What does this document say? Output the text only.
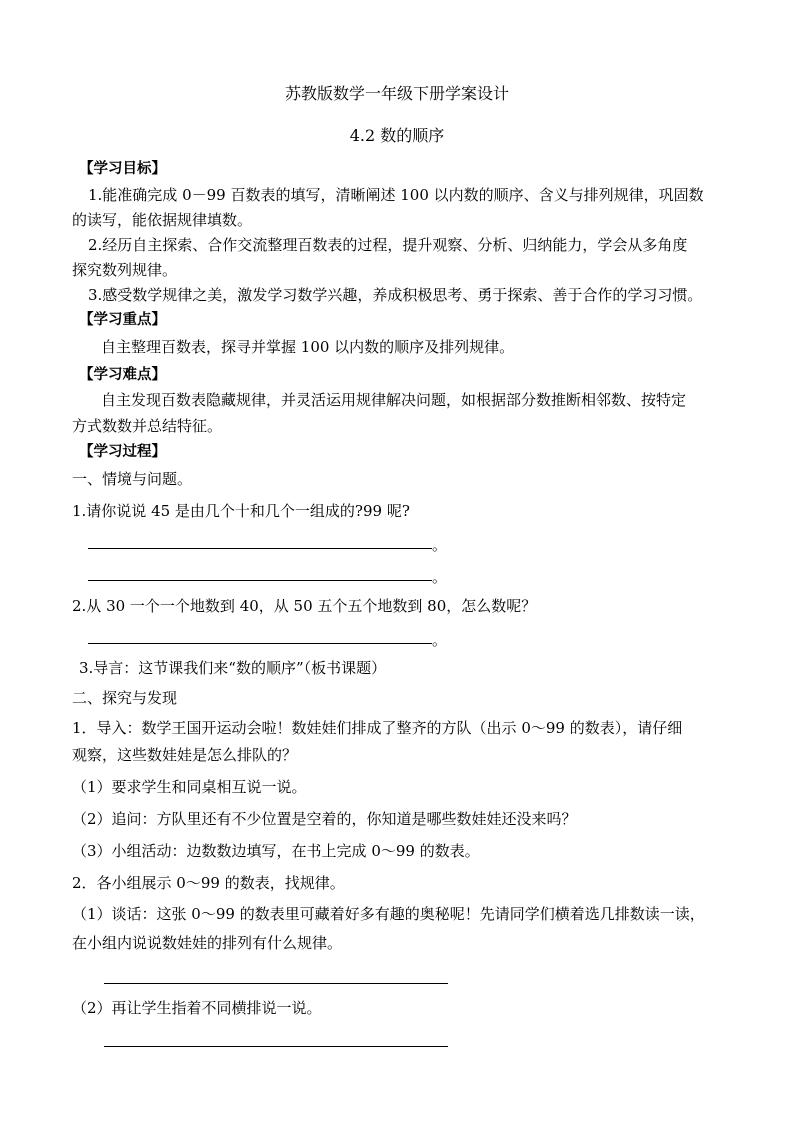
苏教版数学一年级下册学案设计
4.2 数的顺序
【学习目标】
1.能准确完成 0－99 百数表的填写，清晰阐述 100 以内数的顺序、含义与排列规律，巩固数
的读写，能依据规律填数。
2.经历自主探索、合作交流整理百数表的过程，提升观察、分析、归纳能力，学会从多角度
探究数列规律。
3.感受数学规律之美，激发学习数学兴趣，养成积极思考、勇于探索、善于合作的学习习惯。
【学习重点】
自主整理百数表，探寻并掌握 100 以内数的顺序及排列规律。
【学习难点】
自主发现百数表隐藏规律，并灵活运用规律解决问题，如根据部分数推断相邻数、按特定
方式数数并总结特征。
【学习过程】
一、情境与问题。
1.请你说说 45 是由几个十和几个一组成的?99 呢?
。
。
2.从 30 一个一个地数到 40，从 50 五个五个地数到 80，怎么数呢？
。
3.导言：这节课我们来“数的顺序”（板书课题）
二、探究与发现
1．导入：数学王国开运动会啦！数娃娃们排成了整齐的方队（出示 0～99 的数表），请仔细
观察，这些数娃娃是怎么排队的？
（1）要求学生和同桌相互说一说。
（2）追问：方队里还有不少位置是空着的，你知道是哪些数娃娃还没来吗？
（3）小组活动：边数数边填写，在书上完成 0～99 的数表。
2．各小组展示 0～99 的数表，找规律。
（1）谈话：这张 0～99 的数表里可藏着好多有趣的奥秘呢！先请同学们横着选几排数读一读，
在小组内说说数娃娃的排列有什么规律。
（2）再让学生指着不同横排说一说。
